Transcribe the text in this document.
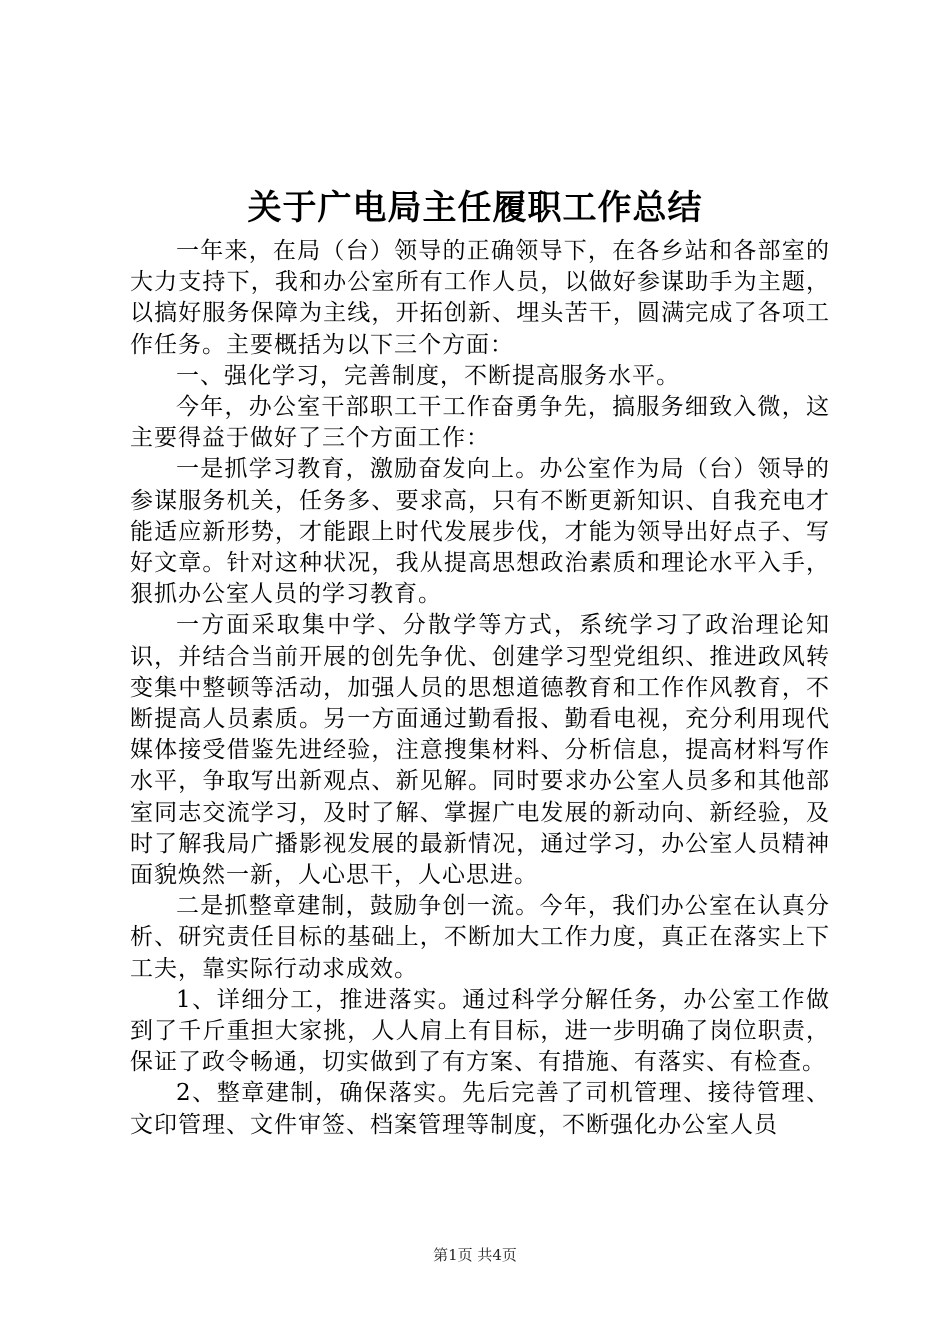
关于广电局主任履职工作总结

一年来，在局（台）领导的正确领导下，在各乡站和各部室的大力支持下，我和办公室所有工作人员，以做好参谋助手为主题，以搞好服务保障为主线，开拓创新、埋头苦干，圆满完成了各项工作任务。主要概括为以下三个方面：

一、强化学习，完善制度，不断提高服务水平。

今年，办公室干部职工干工作奋勇争先，搞服务细致入微，这主要得益于做好了三个方面工作：

一是抓学习教育，激励奋发向上。办公室作为局（台）领导的参谋服务机关，任务多、要求高，只有不断更新知识、自我充电才能适应新形势，才能跟上时代发展步伐，才能为领导出好点子、写好文章。针对这种状况，我从提高思想政治素质和理论水平入手，狠抓办公室人员的学习教育。

一方面采取集中学、分散学等方式，系统学习了政治理论知识，并结合当前开展的创先争优、创建学习型党组织、推进政风转变集中整顿等活动，加强人员的思想道德教育和工作作风教育，不断提高人员素质。另一方面通过勤看报、勤看电视，充分利用现代媒体接受借鉴先进经验，注意搜集材料、分析信息，提高材料写作水平，争取写出新观点、新见解。同时要求办公室人员多和其他部室同志交流学习，及时了解、掌握广电发展的新动向、新经验，及时了解我局广播影视发展的最新情况，通过学习，办公室人员精神面貌焕然一新，人心思干，人心思进。

二是抓整章建制，鼓励争创一流。今年，我们办公室在认真分析、研究责任目标的基础上，不断加大工作力度，真正在落实上下工夫，靠实际行动求成效。

1、详细分工，推进落实。通过科学分解任务，办公室工作做到了千斤重担大家挑，人人肩上有目标，进一步明确了岗位职责，保证了政令畅通，切实做到了有方案、有措施、有落实、有检查。

2、整章建制，确保落实。先后完善了司机管理、接待管理、文印管理、文件审签、档案管理等制度，不断强化办公室人员

第1页 共4页
